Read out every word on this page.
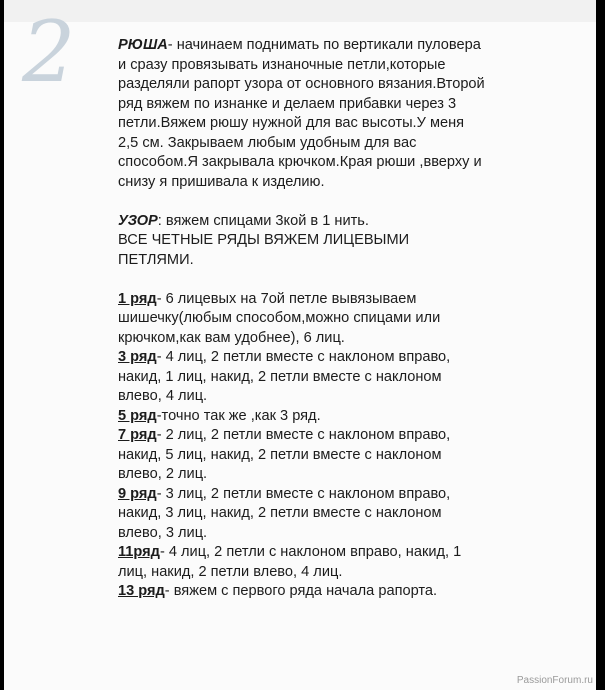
2	РЮША- начинаем поднимать по вертикали пуловера и сразу провязывать изнаночные петли,которые разделяли рапорт узора от основного вязания.Второй ряд вяжем по изнанке и делаем прибавки через 3 петли.Вяжем рюшу нужной для вас высоты.У меня 2,5 см. Закрываем любым удобным для вас способом.Я закрывала крючком.Края рюши ,вверху и снизу я пришивала к изделию.

УЗОР: вяжем спицами 3кой в 1 нить.

ВСЕ ЧЕТНЫЕ РЯДЫ ВЯЖЕМ ЛИЦЕВЫМИ ПЕТЛЯМИ.

1 ряд- 6 лицевых на 7ой петле вывязываем шишечку(любым способом,можно спицами или крючком,как вам удобнее), 6 лиц.

3 ряд- 4 лиц, 2 петли вместе с наклоном вправо, накид, 1 лиц, накид, 2 петли вместе с наклоном влево, 4 лиц.

5 ряд-точно так же ,как 3 ряд.

7 ряд- 2 лиц, 2 петли вместе с наклоном вправо, накид, 5 лиц, накид, 2 петли вместе с наклоном влево, 2 лиц.

9 ряд- 3 лиц, 2 петли вместе с наклоном вправо, накид, 3 лиц, накид, 2 петли вместе с наклоном влево, 3 лиц.

11ряд- 4 лиц, 2 петли с наклоном вправо, накид, 1 лиц, накид, 2 петли влево, 4 лиц.

13 ряд- вяжем с первого ряда начала рапорта.

PassionForum.ru
